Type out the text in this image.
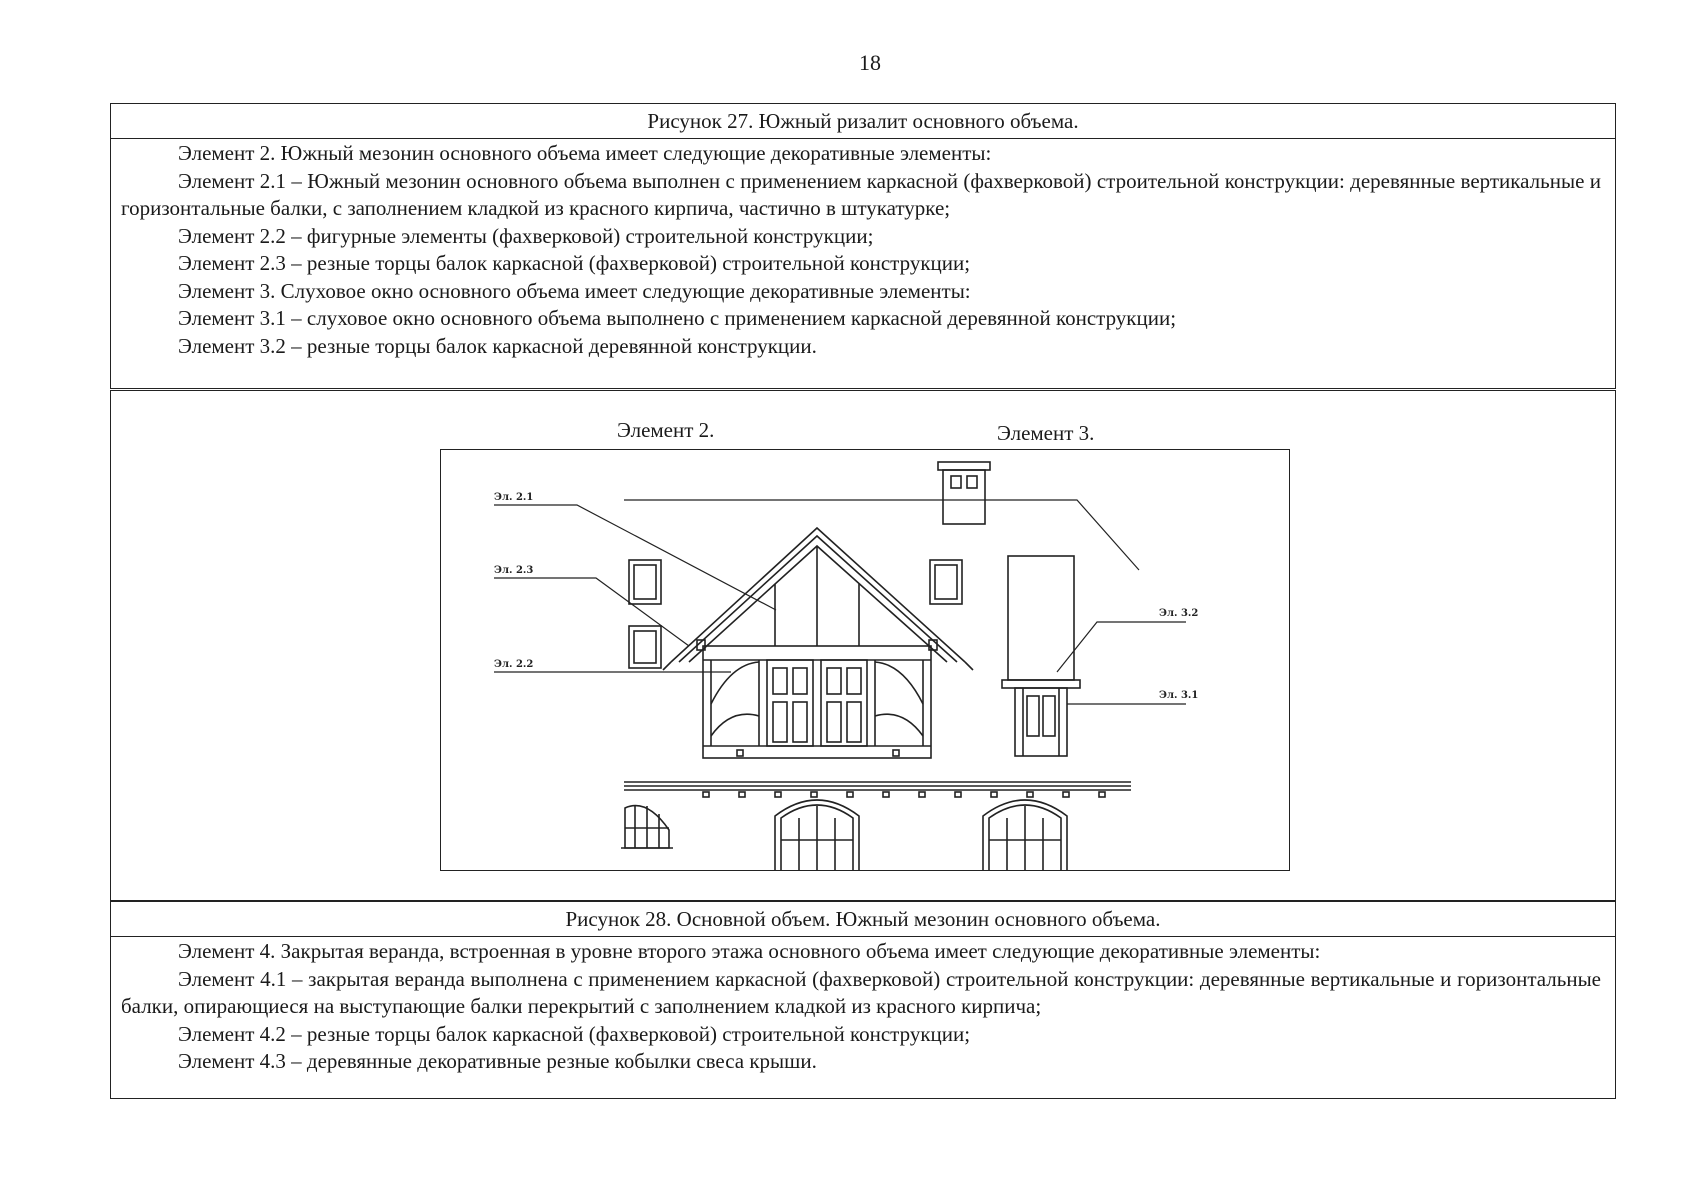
18
Рисунок 27. Южный ризалит основного объема.

Элемент 2. Южный мезонин основного объема имеет следующие декоративные элементы:

Элемент 2.1 – Южный мезонин основного объема выполнен с применением каркасной (фахверковой) строительной конструкции: деревянные вертикальные и горизонтальные балки, с заполнением кладкой из красного кирпича, частично в штукатурке;

Элемент 2.2 – фигурные элементы (фахверковой) строительной конструкции;

Элемент 2.3 – резные торцы балок каркасной (фахверковой) строительной конструкции;

Элемент 3. Слуховое окно основного объема имеет следующие декоративные элементы:

Элемент 3.1 – слуховое окно основного объема выполнено с применением каркасной деревянной конструкции;

Элемент 3.2 – резные торцы балок каркасной деревянной конструкции.

Элемент 2.	Элемент 3.
Эл. 2.1
Эл. 2.3
Эл. 2.2
Эл. 3.2
Эл. 3.1
Рисунок 28. Основной объем. Южный мезонин основного объема.

Элемент 4. Закрытая веранда, встроенная в уровне второго этажа основного объема имеет следующие декоративные элементы:

Элемент 4.1 – закрытая веранда выполнена с применением каркасной (фахверковой) строительной конструкции: деревянные вертикальные и горизонтальные балки, опирающиеся на выступающие балки перекрытий с заполнением кладкой из красного кирпича;

Элемент 4.2 – резные торцы балок каркасной (фахверковой) строительной конструкции;

Элемент 4.3 – деревянные декоративные резные кобылки свеса крыши.
